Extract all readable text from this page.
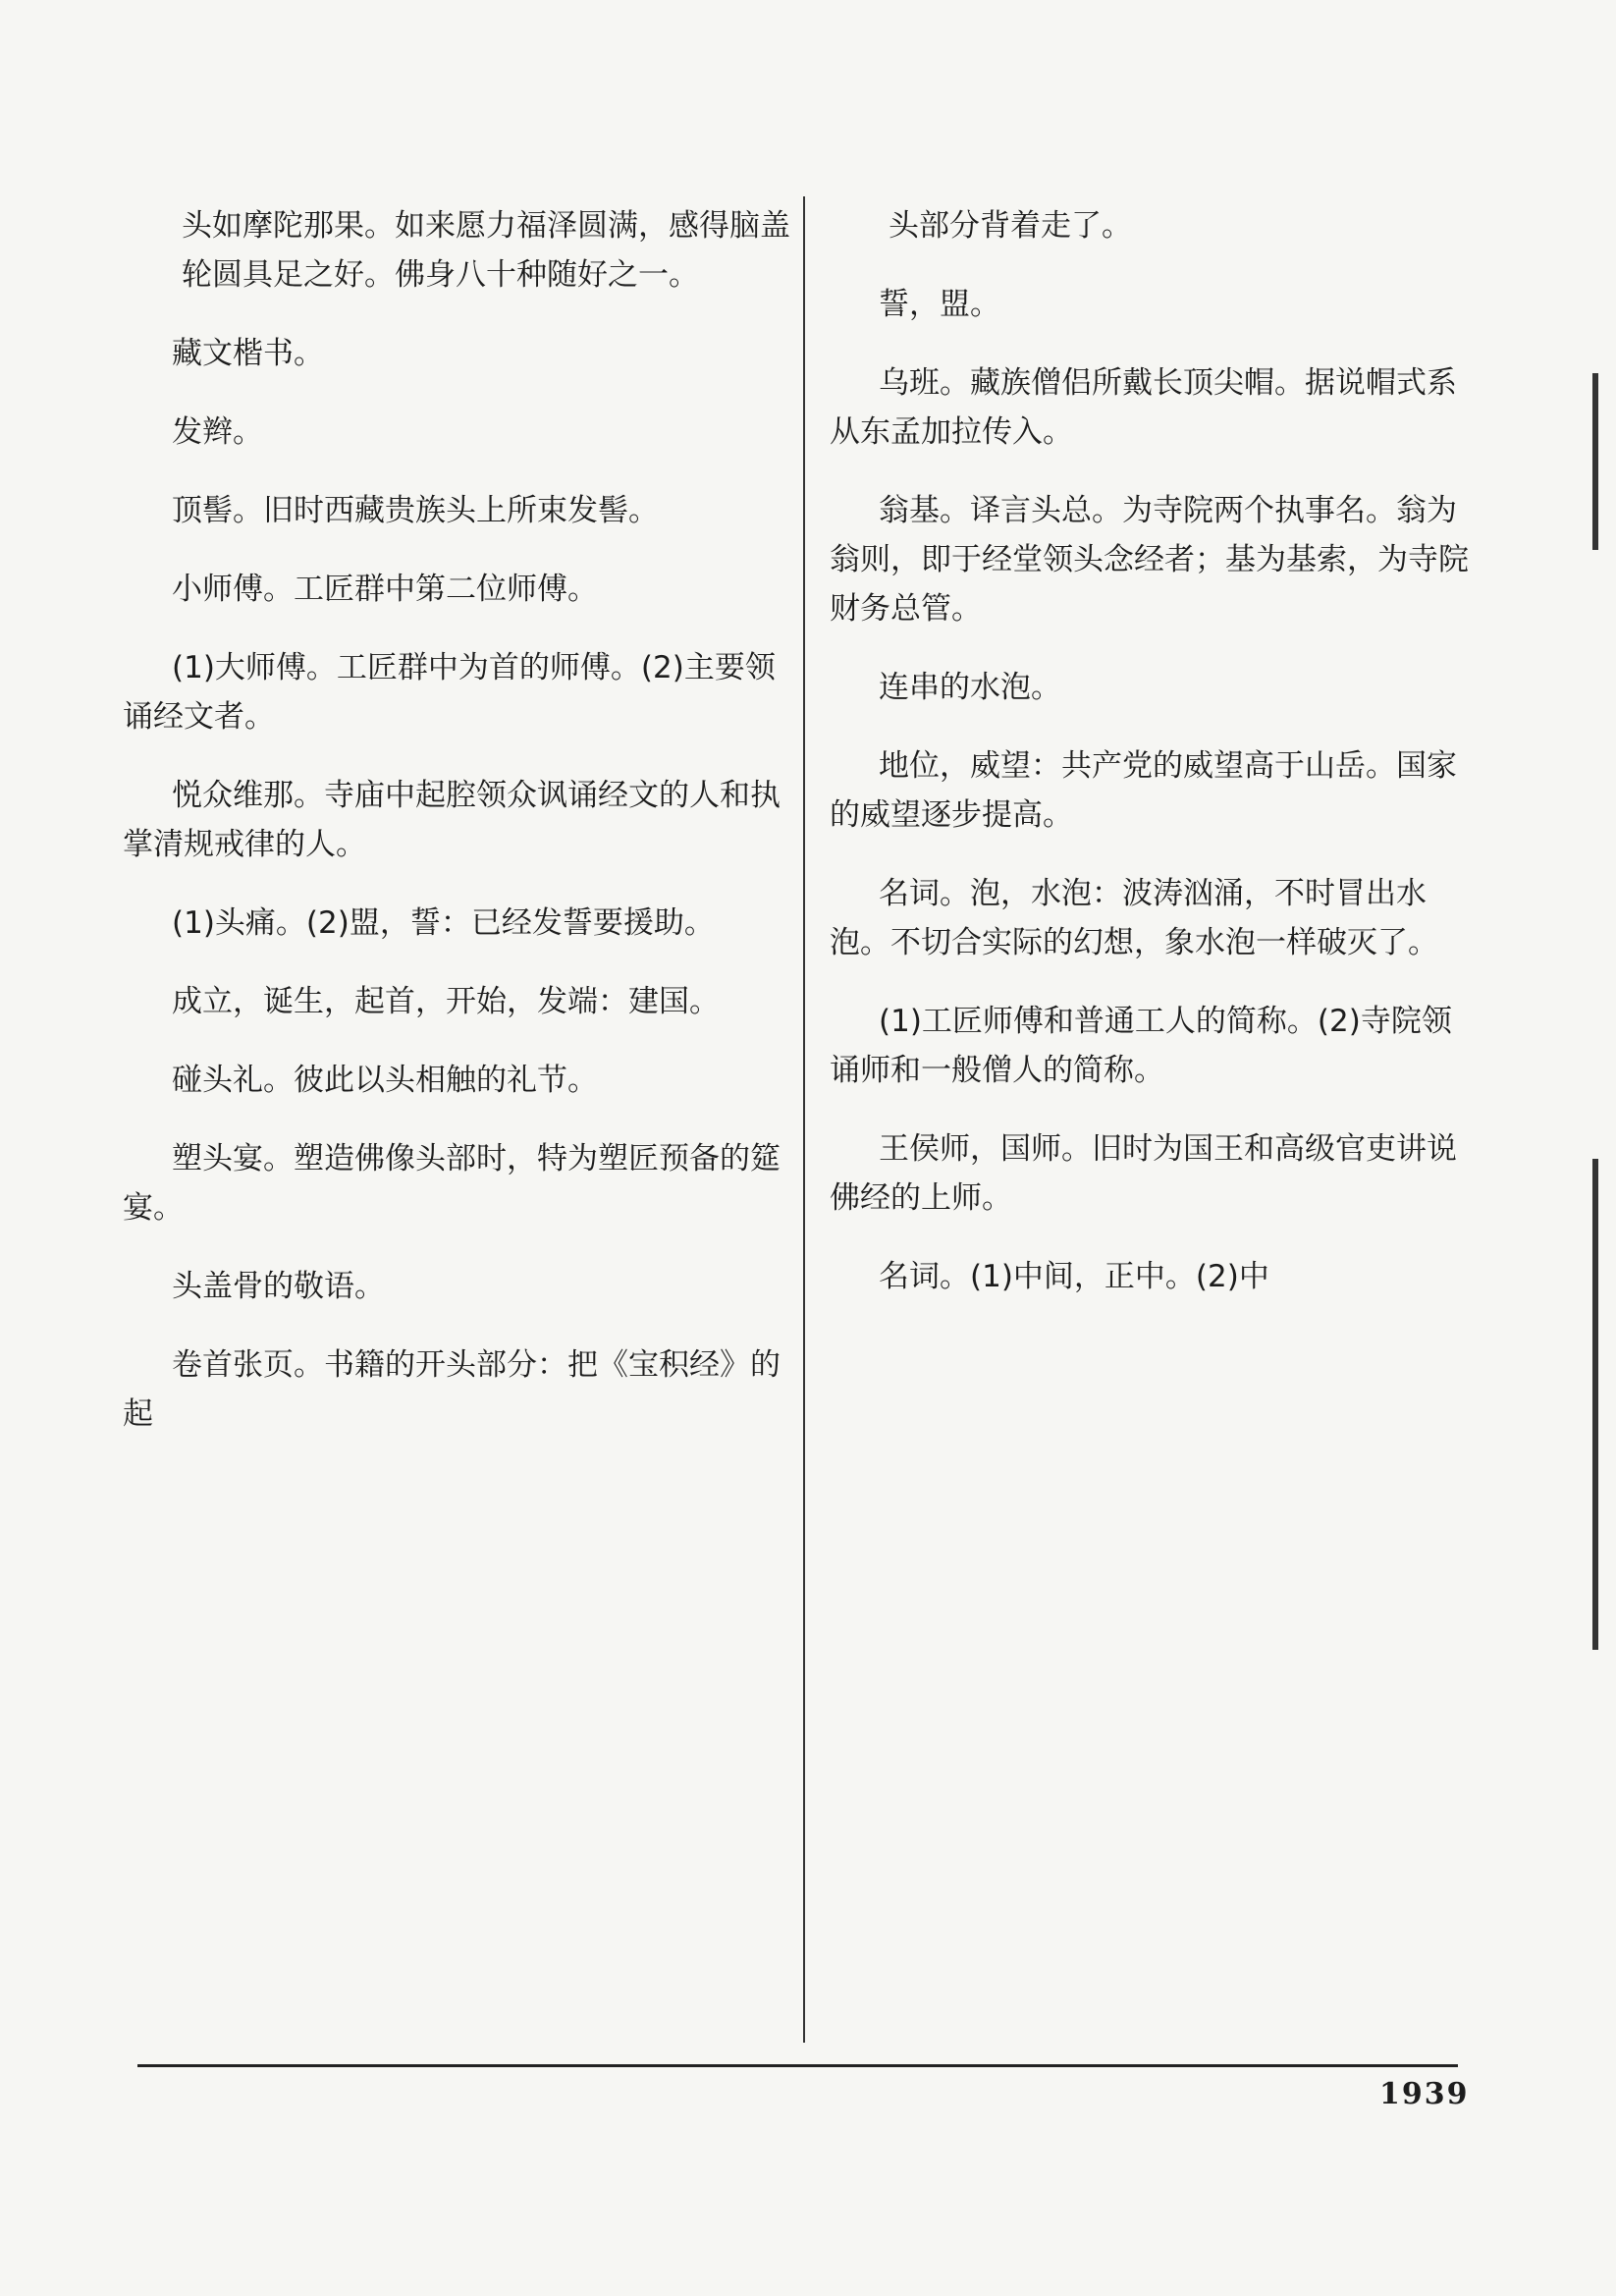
头如摩陀那果。如来愿力福泽圆满，感得脑盖轮圆具足之好。佛身八十种随好之一。

藏文楷书。

发辫。

顶髻。旧时西藏贵族头上所束发髻。

小师傅。工匠群中第二位师傅。

(1)大师傅。工匠群中为首的师傅。(2)主要领诵经文者。

悦众维那。寺庙中起腔领众讽诵经文的人和执掌清规戒律的人。

(1)头痛。(2)盟，誓：已经发誓要援助。

成立，诞生，起首，开始，发端：建国。

碰头礼。彼此以头相触的礼节。

塑头宴。塑造佛像头部时，特为塑匠预备的筵宴。

头盖骨的敬语。

卷首张页。书籍的开头部分：把《宝积经》的起

头部分背着走了。

誓，盟。

乌班。藏族僧侣所戴长顶尖帽。据说帽式系从东孟加拉传入。

翁基。译言头总。为寺院两个执事名。翁为翁则，即于经堂领头念经者；基为基索，为寺院财务总管。

连串的水泡。

地位，威望：共产党的威望高于山岳。国家的威望逐步提高。

名词。泡，水泡：波涛汹涌，不时冒出水泡。不切合实际的幻想，象水泡一样破灭了。

(1)工匠师傅和普通工人的简称。(2)寺院领诵师和一般僧人的简称。

王侯师，国师。旧时为国王和高级官吏讲说佛经的上师。

名词。(1)中间，正中。(2)中

1939
